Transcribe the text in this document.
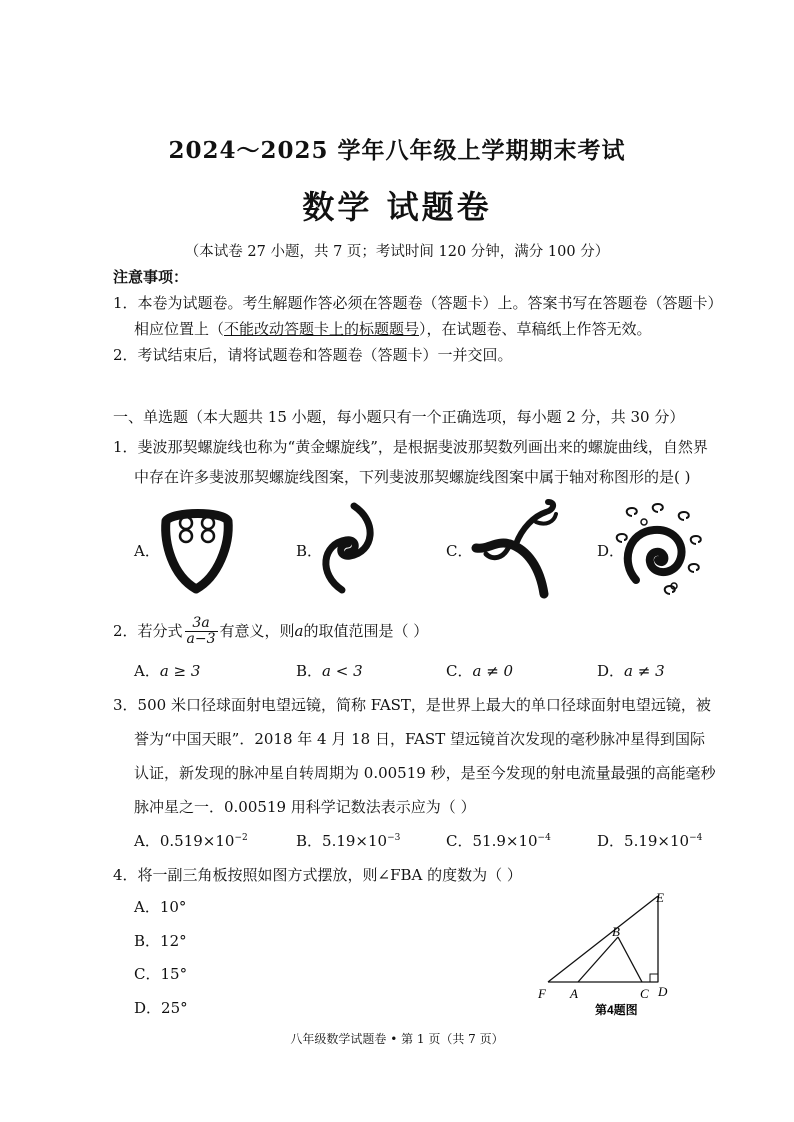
2024～2025 学年八年级上学期期末考试
数学 试题卷
（本试卷 27 小题，共 7 页；考试时间 120 分钟，满分 100 分）
注意事项：
1．本卷为试题卷。考生解题作答必须在答题卷（答题卡）上。答案书写在答题卷（答题卡）
相应位置上（不能改动答题卡上的标题题号），在试题卷、草稿纸上作答无效。
2．考试结束后，请将试题卷和答题卷（答题卡）一并交回。
一、单选题（本大题共 15 小题，每小题只有一个正确选项，每小题 2 分，共 30 分）
1．斐波那契螺旋线也称为“黄金螺旋线”，是根据斐波那契数列画出来的螺旋曲线，自然界
中存在许多斐波那契螺旋线图案，下列斐波那契螺旋线图案中属于轴对称图形的是( )
A．	B．	C．	D．
2．若分式 $\frac{3a}{a-3}$ 有意义，则a的取值范围是（ ）
A．a ≥ 3	B．a < 3	C．a ≠ 0	D．a ≠ 3
3．500 米口径球面射电望远镜，简称 FAST，是世界上最大的单口径球面射电望远镜，被
誉为“中国天眼”．2018 年 4 月 18 日，FAST 望远镜首次发现的毫秒脉冲星得到国际
认证，新发现的脉冲星自转周期为 0.00519 秒，是至今发现的射电流量最强的高能毫秒
脉冲星之一．0.00519 用科学记数法表示应为（ ）
A．$0.519\times 10^{-2}$	B．$5.19\times 10^{-3}$	C．$51.9\times 10^{-4}$	D．$5.19\times 10^{-4}$
4．将一副三角板按照如图方式摆放，则∠FBA 的度数为（ ）
A．10°
B．12°
C．15°
D．25°
E
B
F A	C D
第4题图
八年级数学试题卷 • 第 1 页（共 7 页）
